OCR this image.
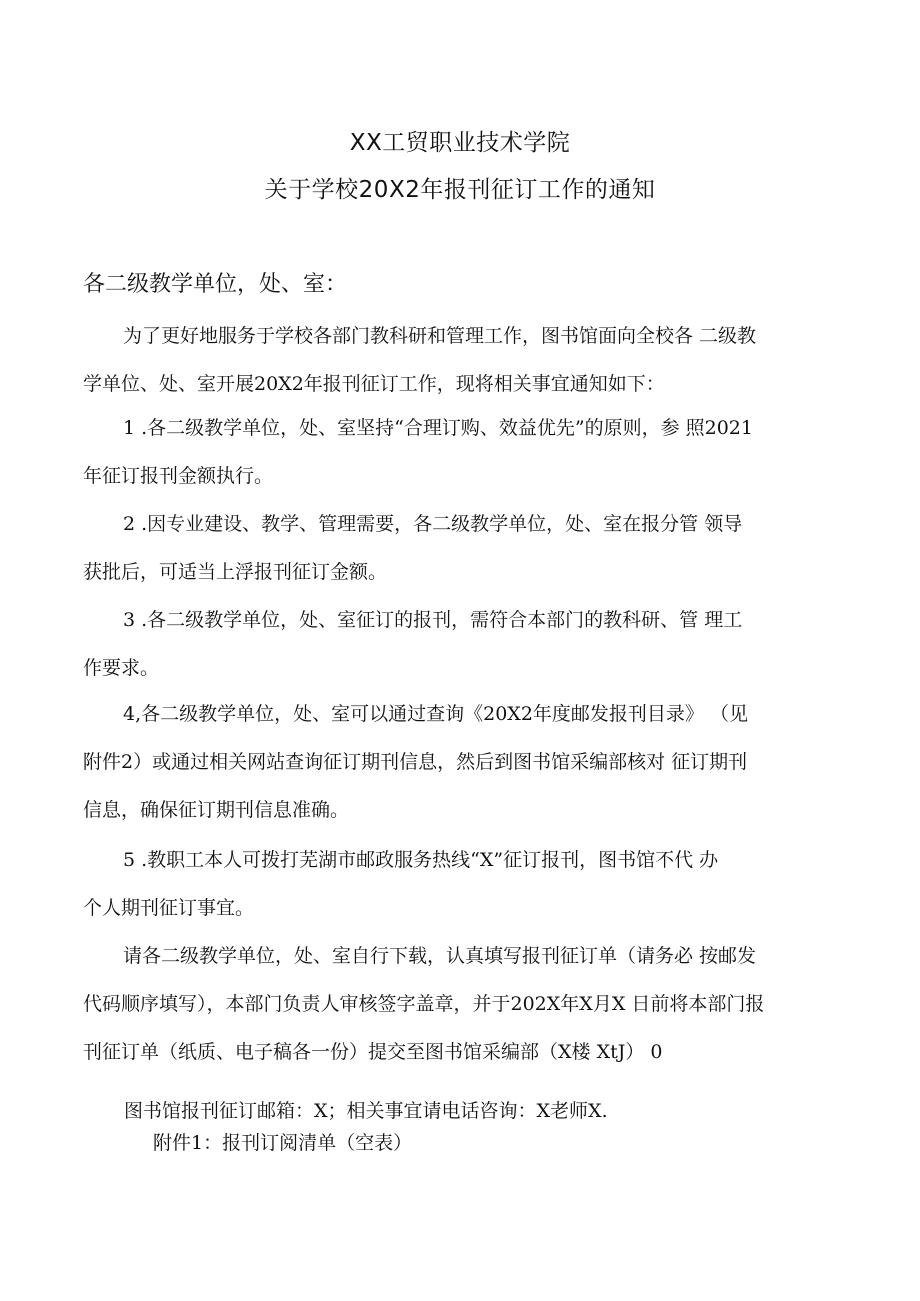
XX工贸职业技术学院
关于学校20X2年报刊征订工作的通知
各二级教学单位，处、室：
为了更好地服务于学校各部门教科研和管理工作，图书馆面向全校各 二级教
学单位、处、室开展20X2年报刊征订工作，现将相关事宜通知如下：
1 .各二级教学单位，处、室坚持“合理订购、效益优先”的原则，参 照2021
年征订报刊金额执行。
2 .因专业建设、教学、管理需要，各二级教学单位，处、室在报分管 领导
获批后，可适当上浮报刊征订金额。
3 .各二级教学单位，处、室征订的报刊，需符合本部门的教科研、管 理工
作要求。
4,各二级教学单位，处、室可以通过查询《20X2年度邮发报刊目录》 （见
附件2）或通过相关网站查询征订期刊信息，然后到图书馆采编部核对 征订期刊
信息，确保征订期刊信息准确。
5 .教职工本人可拨打芜湖市邮政服务热线“X”征订报刊，图书馆不代 办
个人期刊征订事宜。
请各二级教学单位，处、室自行下载，认真填写报刊征订单（请务必 按邮发
代码顺序填写），本部门负责人审核签字盖章，并于202X年X月X 日前将本部门报
刊征订单（纸质、电子稿各一份）提交至图书馆采编部（X楼 XtJ） 0
图书馆报刊征订邮箱：X；相关事宜请电话咨询：X老师X.
附件1：报刊订阅清单（空表）
